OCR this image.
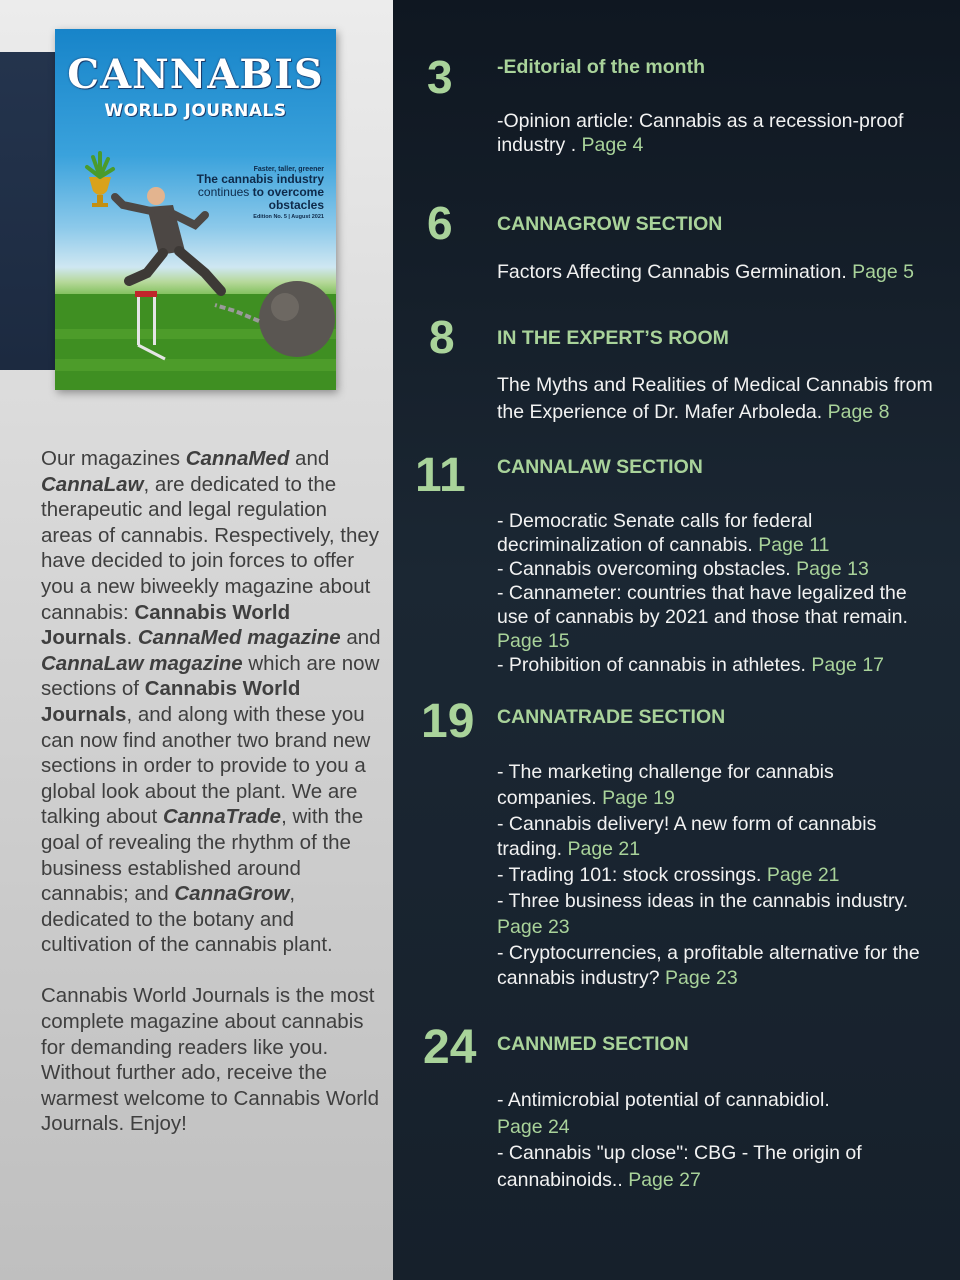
CANNABIS
WORLD JOURNALS
Faster, taller, greener
The cannabis industry
continues to overcome obstacles
Edition No. 5 | August 2021

Our magazines CannaMed and CannaLaw, are dedicated to the therapeutic and legal regulation areas of cannabis. Respectively, they have decided to join forces to offer you a new biweekly magazine about cannabis: Cannabis World Journals. CannaMed magazine and CannaLaw magazine which are now sections of Cannabis World Journals, and along with these you can now find another two brand new sections in order to provide to you a global look about the plant. We are talking about CannaTrade, with the goal of revealing the rhythm of the business established around cannabis; and CannaGrow, dedicated to the botany and cultivation of the cannabis plant.

Cannabis World Journals is the most complete magazine about cannabis for demanding readers like you. Without further ado, receive the warmest welcome to Cannabis World Journals. Enjoy!

3 -Editorial of the month
-Opinion article: Cannabis as a recession-proof
industry . Page 4
6 CANNAGROW SECTION
Factors Affecting Cannabis Germination. Page 5
8 IN THE EXPERT’S ROOM
The Myths and Realities of Medical Cannabis from
the Experience of Dr. Mafer Arboleda. Page 8
11 CANNALAW SECTION
- Democratic Senate calls for federal
decriminalization of cannabis. Page 11
- Cannabis overcoming obstacles. Page 13
- Cannameter: countries that have legalized the
use of cannabis by 2021 and those that remain.
Page 15
- Prohibition of cannabis in athletes. Page 17
19 CANNATRADE SECTION
- The marketing challenge for cannabis
companies. Page 19
- Cannabis delivery! A new form of cannabis
trading. Page 21
- Trading 101: stock crossings. Page 21
- Three business ideas in the cannabis industry.
Page 23
- Cryptocurrencies, a profitable alternative for the
cannabis industry? Page 23
24 CANNMED SECTION
- Antimicrobial potential of cannabidiol.
Page 24
- Cannabis "up close": CBG - The origin of
cannabinoids.. Page 27
